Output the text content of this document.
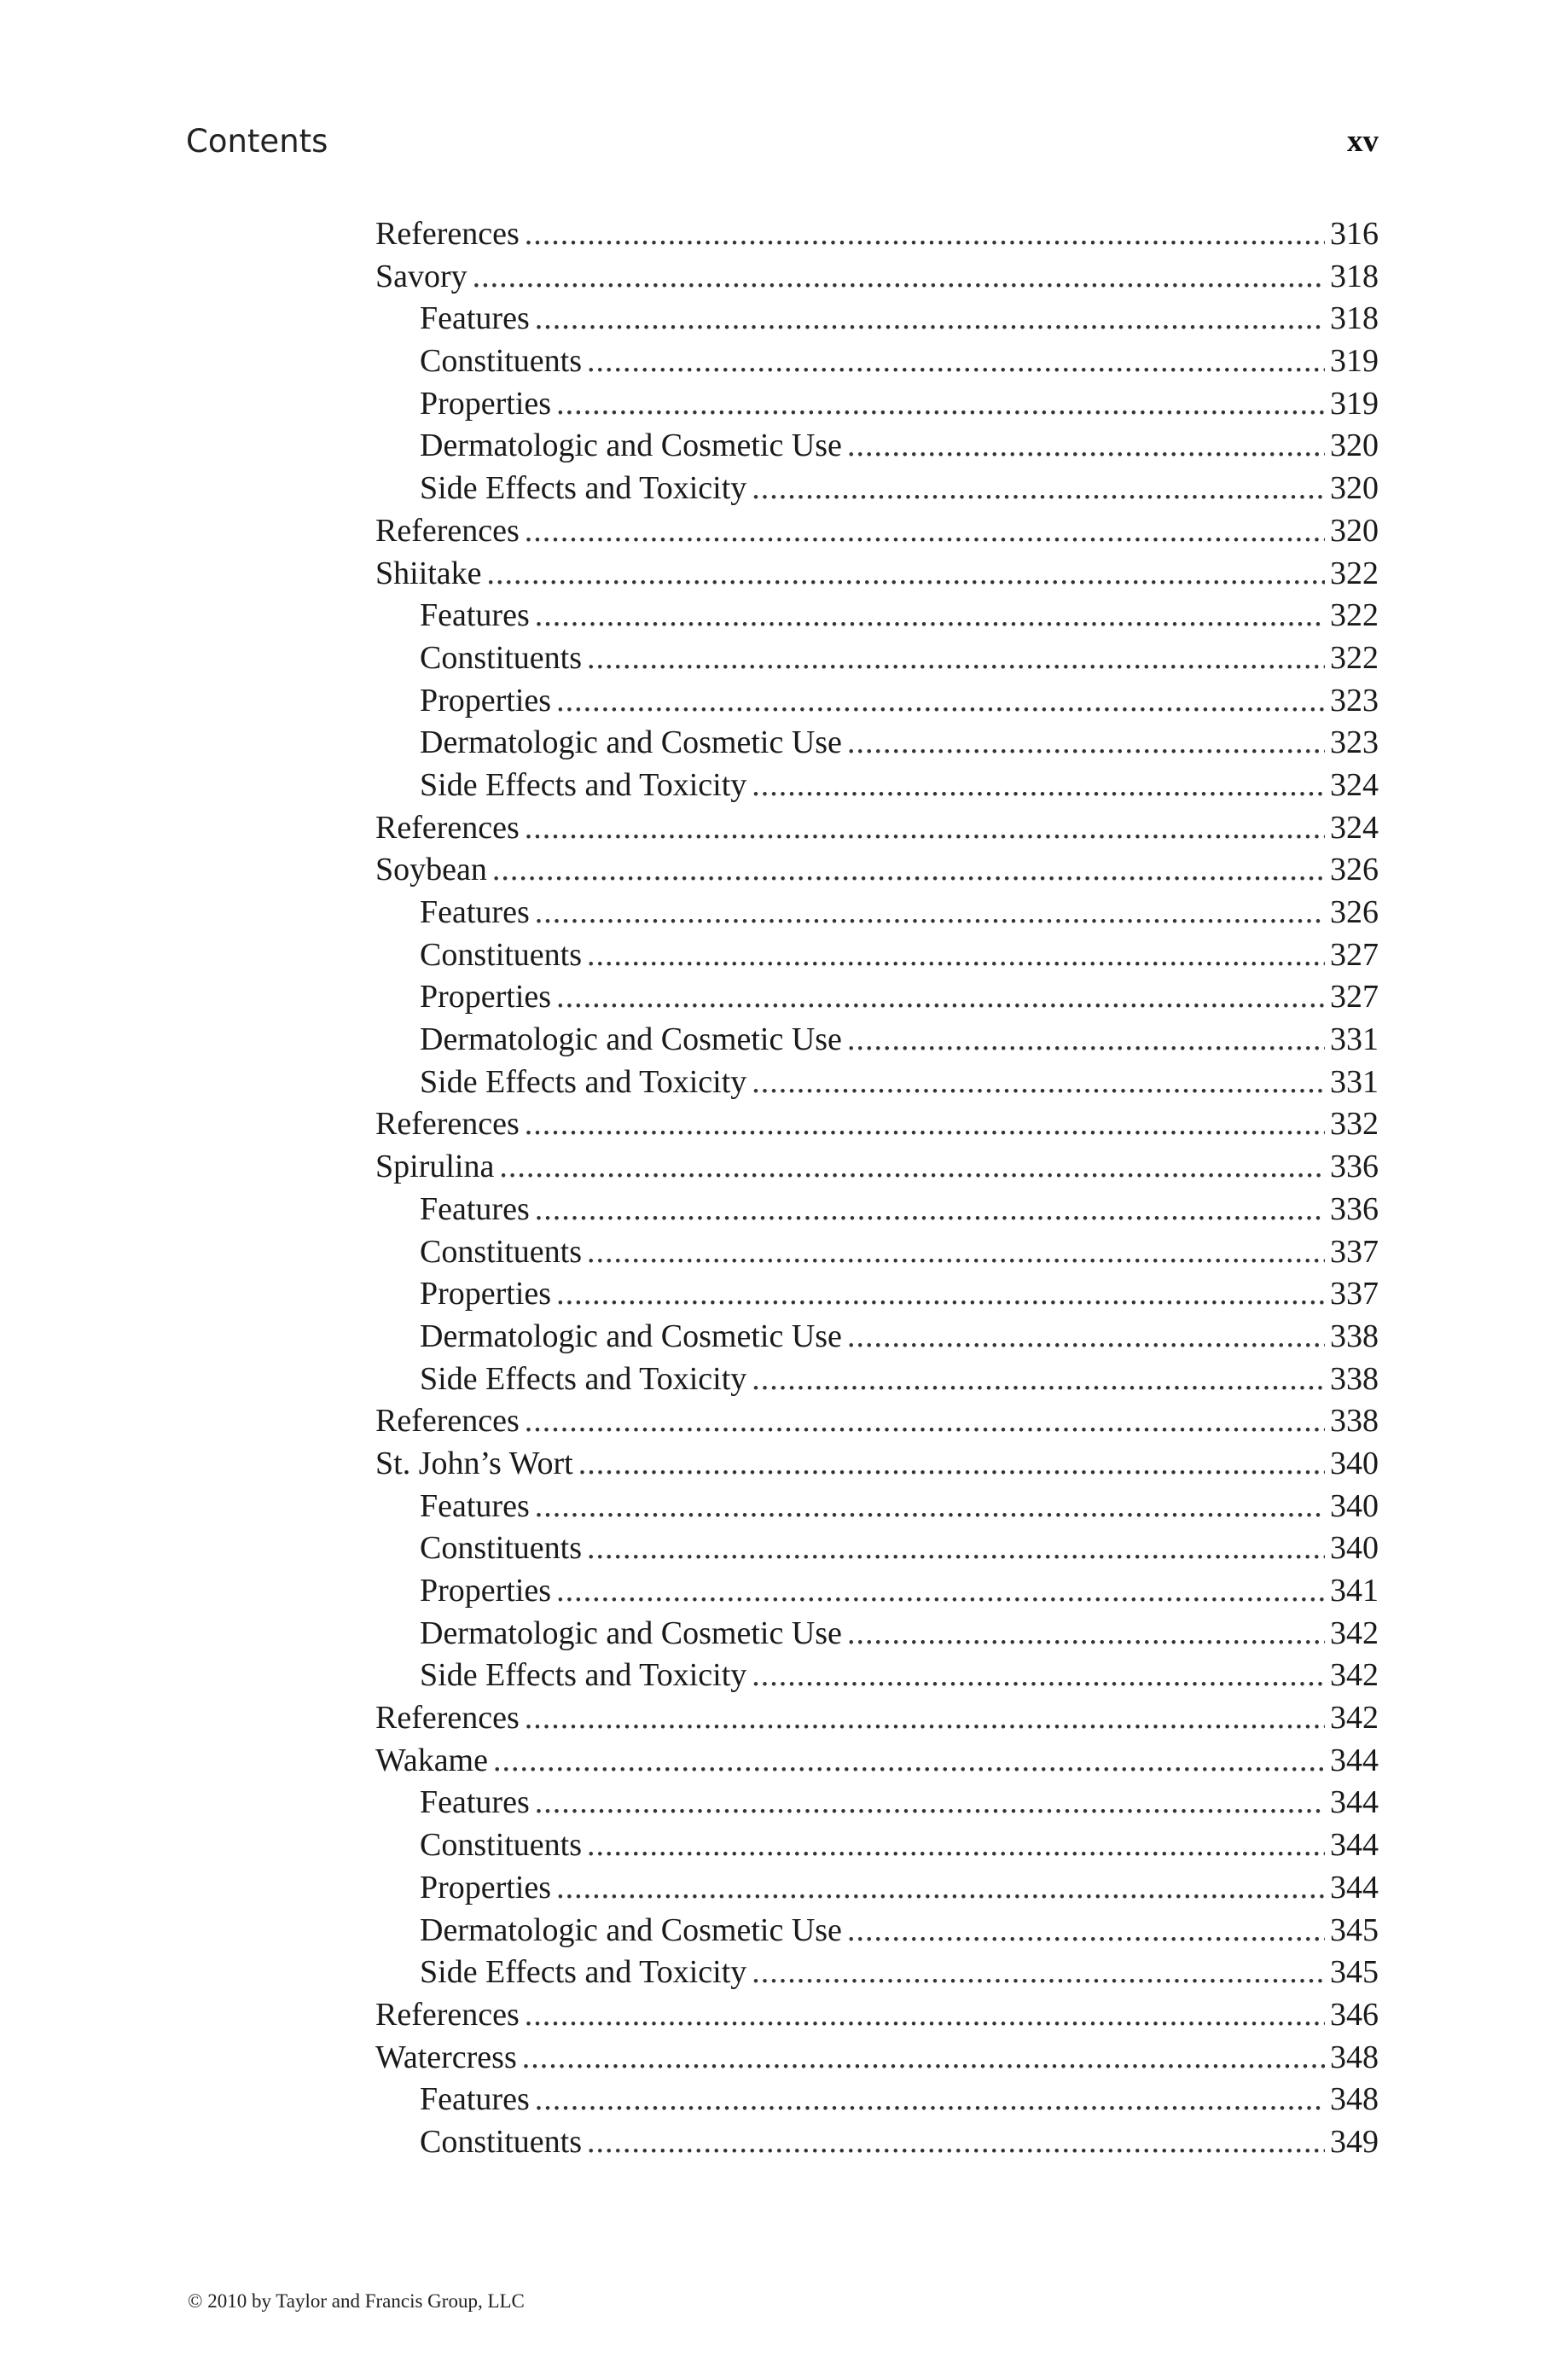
Contents	xv
References .....	316
Savory .....	318
Features .....	318
Constituents .....	319
Properties .....	319
Dermatologic and Cosmetic Use .....	320
Side Effects and Toxicity .....	320
References .....	320
Shiitake .....	322
Features .....	322
Constituents .....	322
Properties .....	323
Dermatologic and Cosmetic Use .....	323
Side Effects and Toxicity .....	324
References .....	324
Soybean .....	326
Features .....	326
Constituents .....	327
Properties .....	327
Dermatologic and Cosmetic Use .....	331
Side Effects and Toxicity .....	331
References .....	332
Spirulina .....	336
Features .....	336
Constituents .....	337
Properties .....	337
Dermatologic and Cosmetic Use .....	338
Side Effects and Toxicity .....	338
References .....	338
St. John’s Wort .....	340
Features .....	340
Constituents .....	340
Properties .....	341
Dermatologic and Cosmetic Use .....	342
Side Effects and Toxicity .....	342
References .....	342
Wakame .....	344
Features .....	344
Constituents .....	344
Properties .....	344
Dermatologic and Cosmetic Use .....	345
Side Effects and Toxicity .....	345
References .....	346
Watercress .....	348
Features .....	348
Constituents .....	349
© 2010 by Taylor and Francis Group, LLC
